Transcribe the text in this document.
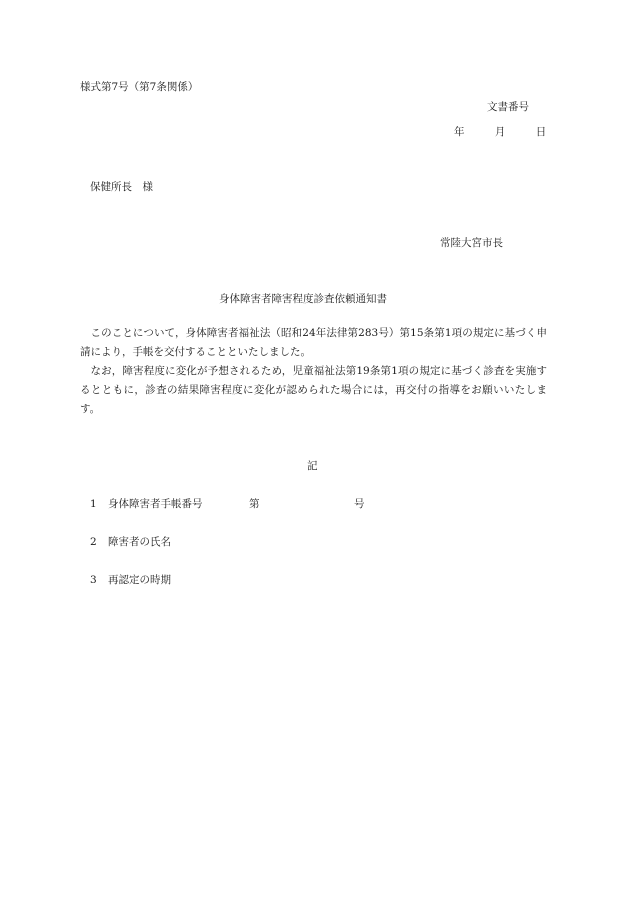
様式第7号（第7条関係）
文書番号
年	月	日
保健所長　様
常陸大宮市長
身体障害者障害程度診査依頼通知書
このことについて，身体障害者福祉法（昭和24年法律第283号）第15条第1項の規定に基づく申請により，手帳を交付することといたしました。
なお，障害程度に変化が予想されるため，児童福祉法第19条第1項の規定に基づく診査を実施するとともに，診査の結果障害程度に変化が認められた場合には，再交付の指導をお願いいたします。
記
1 身体障害者手帳番号	第	号
2 障害者の氏名
3 再認定の時期
